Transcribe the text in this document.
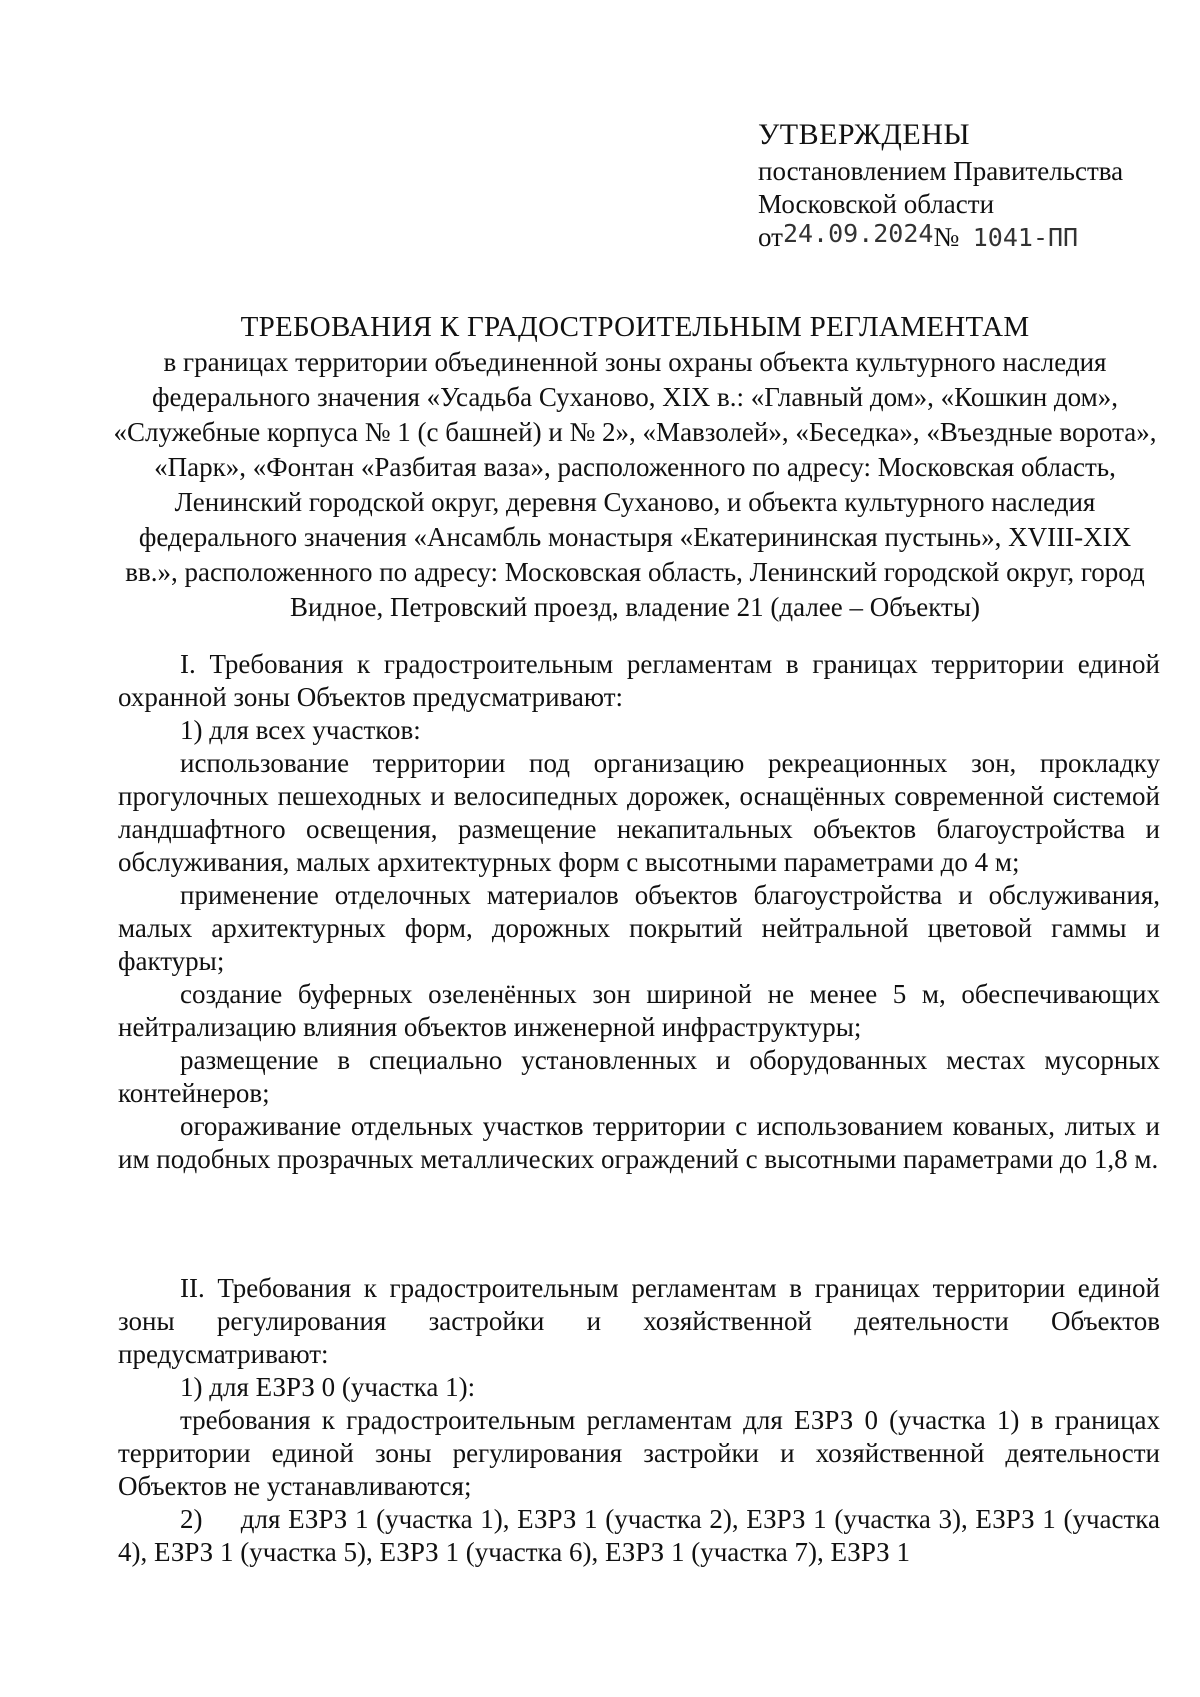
УТВЕРЖДЕНЫ
постановлением Правительства
Московской области
от24.09.2024№ 1041-ПП
ТРЕБОВАНИЯ К ГРАДОСТРОИТЕЛЬНЫМ РЕГЛАМЕНТАМ
в границах территории объединенной зоны охраны объекта культурного наследия федерального значения «Усадьба Суханово, XIX в.: «Главный дом», «Кошкин дом», «Служебные корпуса № 1 (с башней) и № 2», «Мавзолей», «Беседка», «Въездные ворота», «Парк», «Фонтан «Разбитая ваза», расположенного по адресу: Московская область, Ленинский городской округ, деревня Суханово, и объекта культурного наследия федерального значения «Ансамбль монастыря «Екатерининская пустынь», XVIII-XIX вв.», расположенного по адресу: Московская область, Ленинский городской округ, город Видное, Петровский проезд, владение 21 (далее – Объекты)

I. Требования к градостроительным регламентам в границах территории единой охранной зоны Объектов предусматривают:

1) для всех участков:

использование территории под организацию рекреационных зон, прокладку прогулочных пешеходных и велосипедных дорожек, оснащённых современной системой ландшафтного освещения, размещение некапитальных объектов благоустройства и обслуживания, малых архитектурных форм с высотными параметрами до 4 м;

применение отделочных материалов объектов благоустройства и обслуживания, малых архитектурных форм, дорожных покрытий нейтральной цветовой гаммы и фактуры;

создание буферных озеленённых зон шириной не менее 5 м, обеспечивающих нейтрализацию влияния объектов инженерной инфраструктуры;

размещение в специально установленных и оборудованных местах мусорных контейнеров;

огораживание отдельных участков территории с использованием кованых, литых и им подобных прозрачных металлических ограждений с высотными параметрами до 1,8 м.

II. Требования к градостроительным регламентам в границах территории единой зоны регулирования застройки и хозяйственной деятельности Объектов предусматривают:

1) для ЕЗРЗ 0 (участка 1):

требования к градостроительным регламентам для ЕЗРЗ 0 (участка 1) в границах территории единой зоны регулирования застройки и хозяйственной деятельности Объектов не устанавливаются;

2)     для ЕЗРЗ 1 (участка 1), ЕЗРЗ 1 (участка 2), ЕЗРЗ 1 (участка 3), ЕЗРЗ 1 (участка 4), ЕЗРЗ 1 (участка 5), ЕЗРЗ 1 (участка 6), ЕЗРЗ 1 (участка 7), ЕЗРЗ 1
